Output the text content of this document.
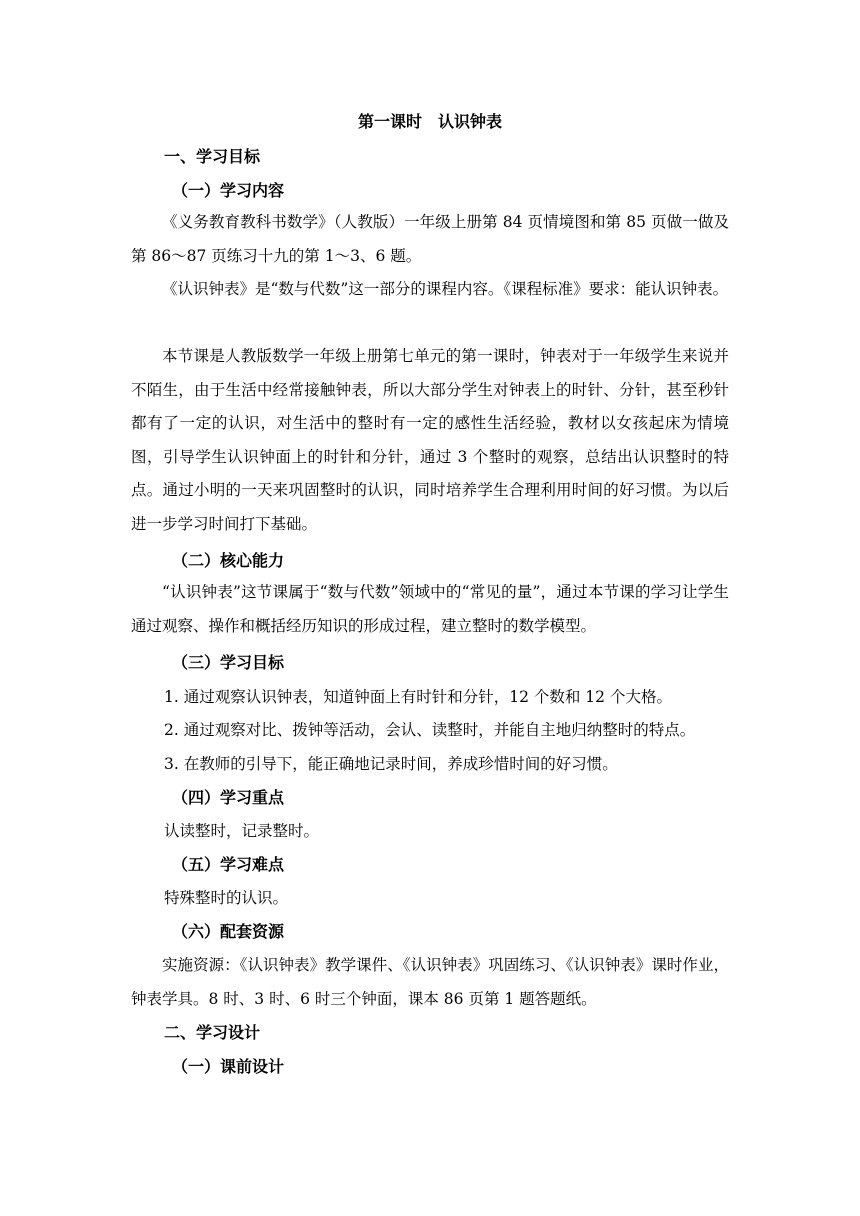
第一课时　认识钟表
一、学习目标
（一）学习内容
《义务教育教科书数学》（人教版）一年级上册第 84 页情境图和第 85 页做一做及第 86～87 页练习十九的第 1～3、6 题。
《认识钟表》是“数与代数”这一部分的课程内容。《课程标准》要求：能认识钟表。
本节课是人教版数学一年级上册第七单元的第一课时，钟表对于一年级学生来说并不陌生，由于生活中经常接触钟表，所以大部分学生对钟表上的时针、分针，甚至秒针都有了一定的认识，对生活中的整时有一定的感性生活经验，教材以女孩起床为情境图，引导学生认识钟面上的时针和分针，通过 3 个整时的观察，总结出认识整时的特点。通过小明的一天来巩固整时的认识，同时培养学生合理利用时间的好习惯。为以后进一步学习时间打下基础。
（二）核心能力
“认识钟表”这节课属于“数与代数”领域中的“常见的量”，通过本节课的学习让学生通过观察、操作和概括经历知识的形成过程，建立整时的数学模型。
（三）学习目标
1. 通过观察认识钟表，知道钟面上有时针和分针，12 个数和 12 个大格。
2. 通过观察对比、拨钟等活动，会认、读整时，并能自主地归纳整时的特点。
3. 在教师的引导下，能正确地记录时间，养成珍惜时间的好习惯。
（四）学习重点
认读整时，记录整时。
（五）学习难点
特殊整时的认识。
（六）配套资源
实施资源：《认识钟表》教学课件、《认识钟表》巩固练习、《认识钟表》课时作业，钟表学具。8 时、3 时、6 时三个钟面，课本 86 页第 1 题答题纸。
二、学习设计
（一）课前设计
